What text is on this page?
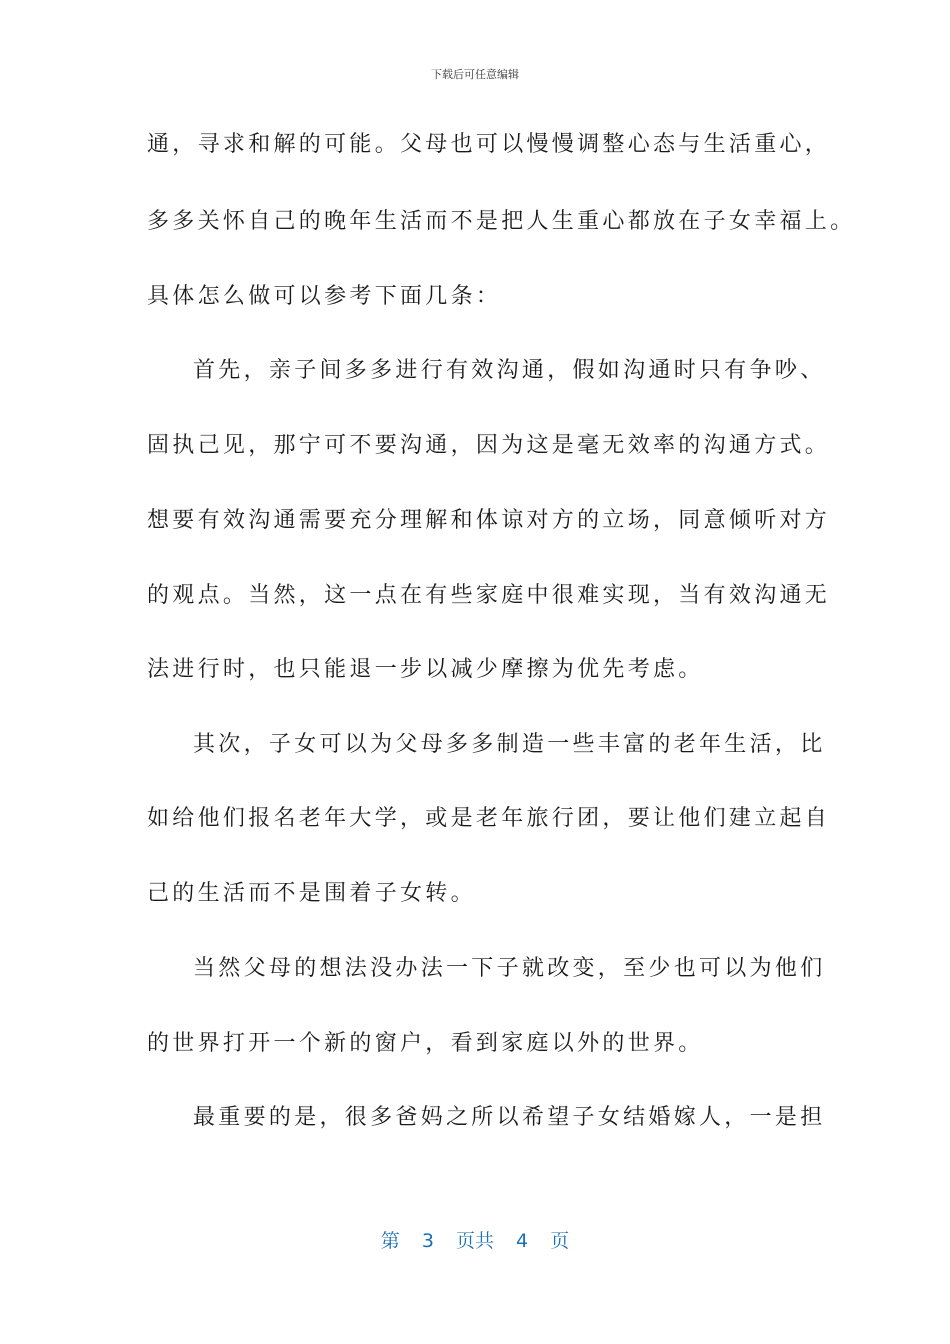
下载后可任意编辑
通，寻求和解的可能。父母也可以慢慢调整心态与生活重心，
多多关怀自己的晚年生活而不是把人生重心都放在子女幸福上。
具体怎么做可以参考下面几条：
首先，亲子间多多进行有效沟通，假如沟通时只有争吵、
固执己见，那宁可不要沟通，因为这是毫无效率的沟通方式。
想要有效沟通需要充分理解和体谅对方的立场，同意倾听对方
的观点。当然，这一点在有些家庭中很难实现，当有效沟通无
法进行时，也只能退一步以减少摩擦为优先考虑。
其次，子女可以为父母多多制造一些丰富的老年生活，比
如给他们报名老年大学，或是老年旅行团，要让他们建立起自
己的生活而不是围着子女转。
当然父母的想法没办法一下子就改变，至少也可以为他们
的世界打开一个新的窗户，看到家庭以外的世界。
最重要的是，很多爸妈之所以希望子女结婚嫁人，一是担
第 3 页共 4 页
